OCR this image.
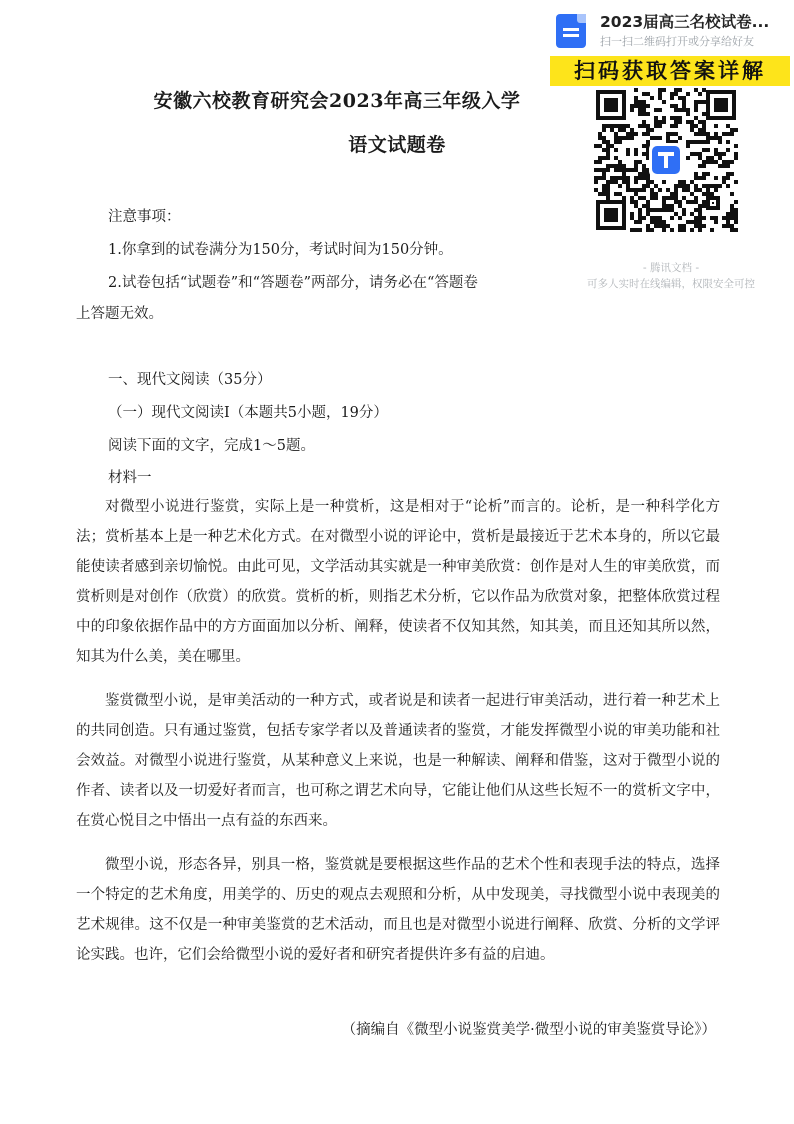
安徽六校教育研究会2023年高三年级入学
语文试题卷
注意事项：
1.你拿到的试卷满分为150分，考试时间为150分钟。
2.试卷包括“试题卷”和“答题卷”两部分，请务必在“答题卷
上答题无效。
一、现代文阅读（35分）
（一）现代文阅读I（本题共5小题，19分）
阅读下面的文字，完成1～5题。
材料一

对微型小说进行鉴赏，实际上是一种赏析，这是相对于“论析”而言的。论析，是一种科学化方法；赏析基本上是一种艺术化方式。在对微型小说的评论中，赏析是最接近于艺术本身的，所以它最能使读者感到亲切愉悦。由此可见，文学活动其实就是一种审美欣赏：创作是对人生的审美欣赏，而赏析则是对创作（欣赏）的欣赏。赏析的析，则指艺术分析，它以作品为欣赏对象，把整体欣赏过程中的印象依据作品中的方方面面加以分析、阐释，使读者不仅知其然，知其美，而且还知其所以然，知其为什么美，美在哪里。

鉴赏微型小说，是审美活动的一种方式，或者说是和读者一起进行审美活动，进行着一种艺术上的共同创造。只有通过鉴赏，包括专家学者以及普通读者的鉴赏，才能发挥微型小说的审美功能和社会效益。对微型小说进行鉴赏，从某种意义上来说，也是一种解读、阐释和借鉴，这对于微型小说的作者、读者以及一切爱好者而言，也可称之谓艺术向导，它能让他们从这些长短不一的赏析文字中，在赏心悦目之中悟出一点有益的东西来。

微型小说，形态各异，别具一格，鉴赏就是要根据这些作品的艺术个性和表现手法的特点，选择一个特定的艺术角度，用美学的、历史的观点去观照和分析，从中发现美，寻找微型小说中表现美的艺术规律。这不仅是一种审美鉴赏的艺术活动，而且也是对微型小说进行阐释、欣赏、分析的文学评论实践。也许，它们会给微型小说的爱好者和研究者提供许多有益的启迪。

（摘编自《微型小说鉴赏美学·微型小说的审美鉴赏导论》）
2023届高三名校试卷...
扫一扫二维码打开或分享给好友
扫码获取答案详解
- 腾讯文档 -
可多人实时在线编辑，权限安全可控
